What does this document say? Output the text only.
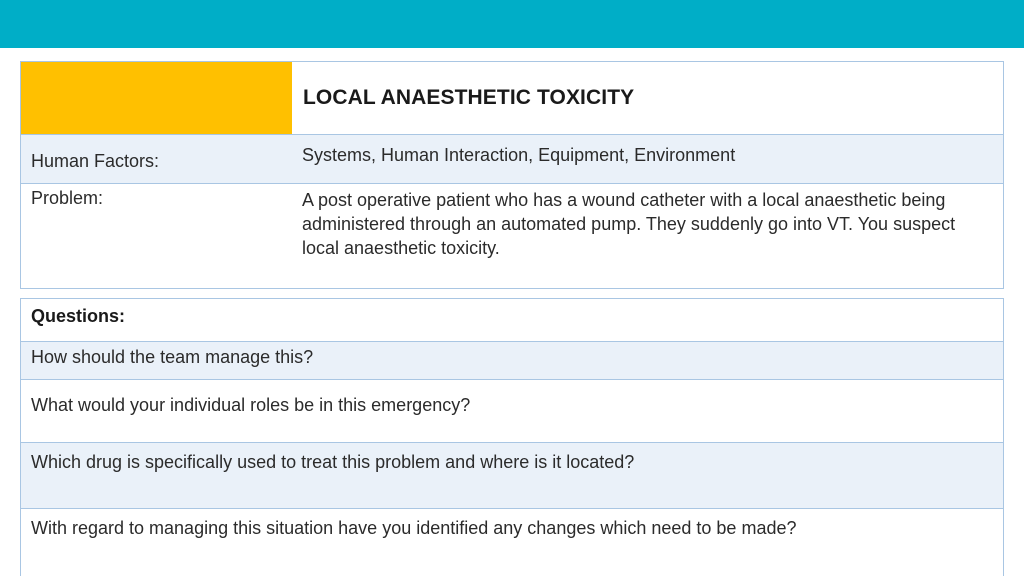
LOCAL ANAESTHETIC TOXICITY
Human Factors:	Systems, Human Interaction, Equipment, Environment
Problem:	A post operative patient who has a wound catheter with a local anaesthetic being administered through an automated pump. They suddenly go into VT. You suspect local anaesthetic toxicity.
Questions:
How should the team manage this?
What would your individual roles be in this emergency?
Which drug is specifically used to treat this problem and where is it located?
With regard to managing this situation have you identified any changes which need to be made?
